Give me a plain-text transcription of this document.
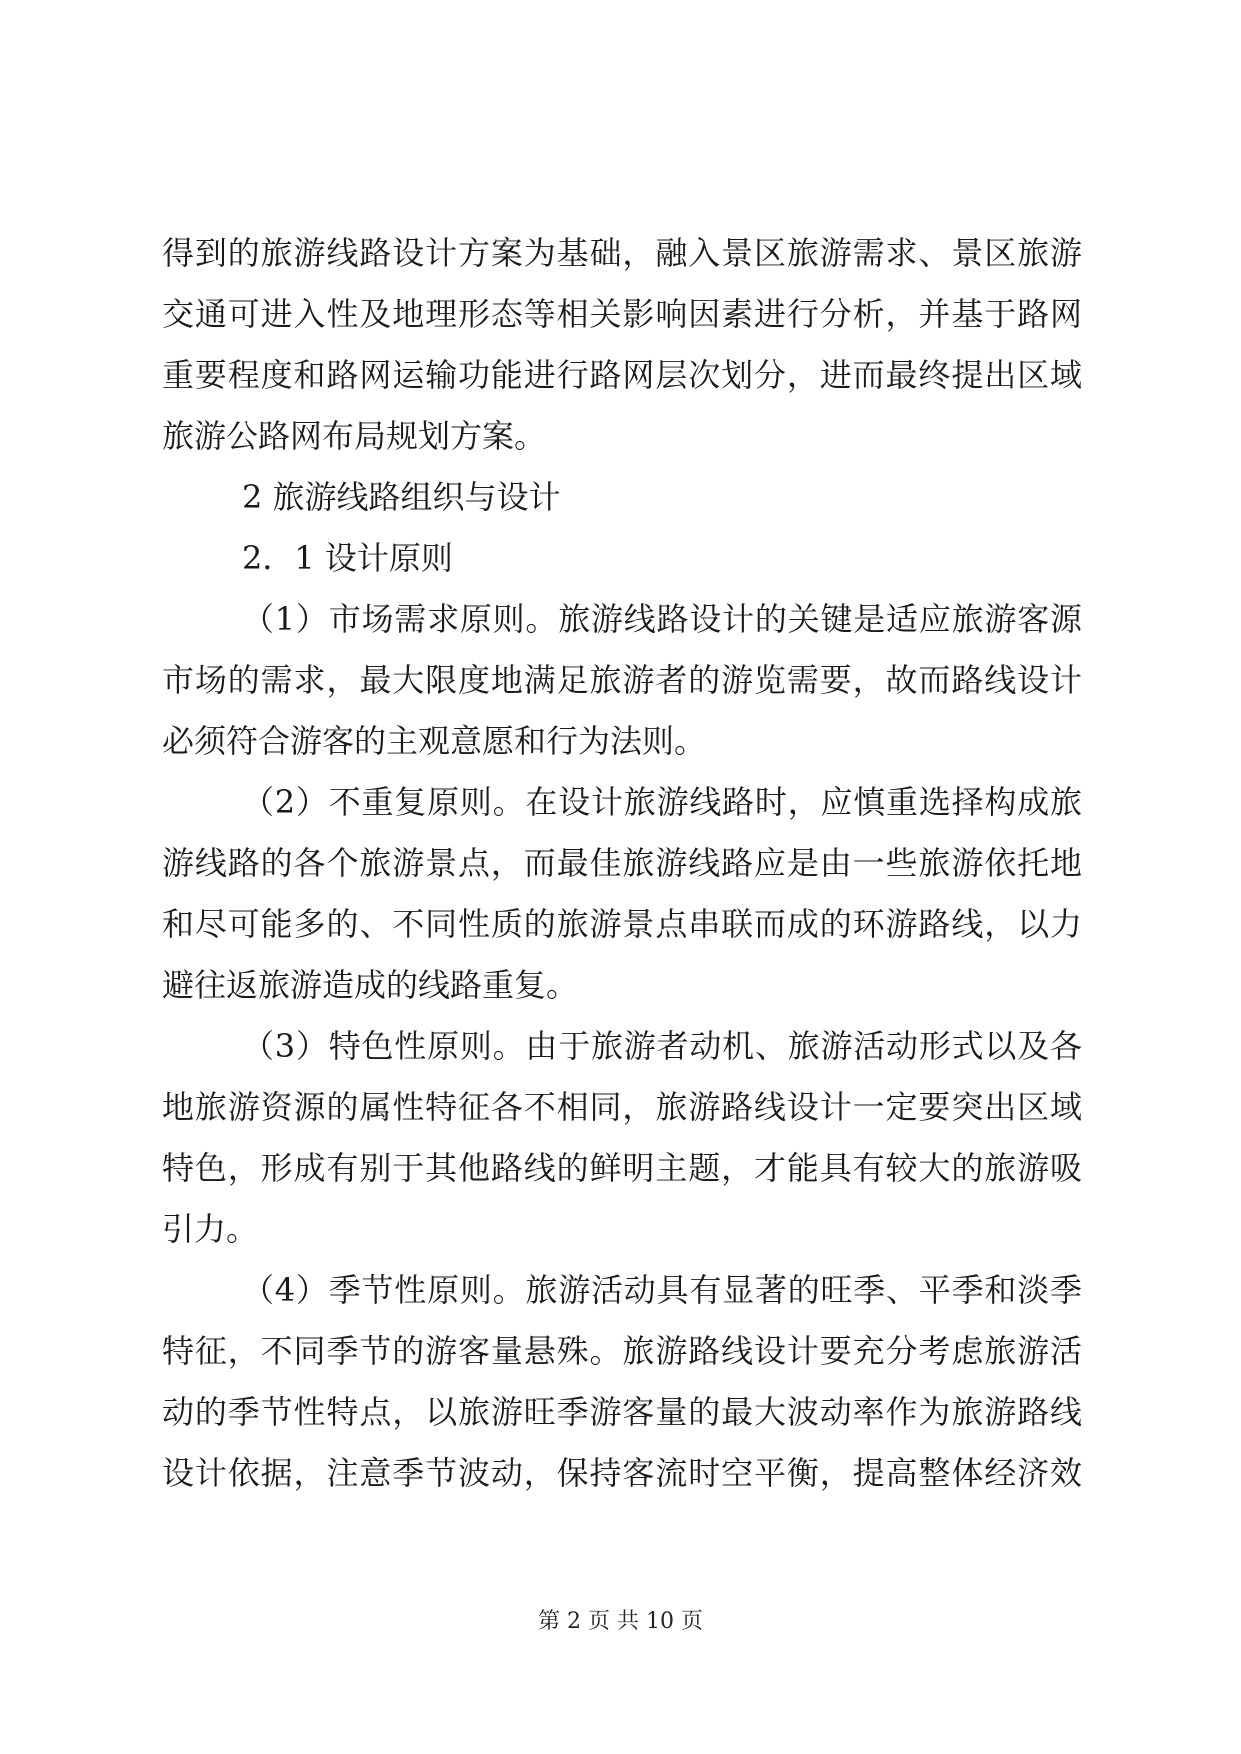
得到的旅游线路设计方案为基础，融入景区旅游需求、景区旅游
交通可进入性及地理形态等相关影响因素进行分析，并基于路网
重要程度和路网运输功能进行路网层次划分，进而最终提出区域
旅游公路网布局规划方案。
2 旅游线路组织与设计
2．1 设计原则
（1）市场需求原则。旅游线路设计的关键是适应旅游客源
市场的需求，最大限度地满足旅游者的游览需要，故而路线设计
必须符合游客的主观意愿和行为法则。
（2）不重复原则。在设计旅游线路时，应慎重选择构成旅
游线路的各个旅游景点，而最佳旅游线路应是由一些旅游依托地
和尽可能多的、不同性质的旅游景点串联而成的环游路线，以力
避往返旅游造成的线路重复。
（3）特色性原则。由于旅游者动机、旅游活动形式以及各
地旅游资源的属性特征各不相同，旅游路线设计一定要突出区域
特色，形成有别于其他路线的鲜明主题，才能具有较大的旅游吸
引力。
（4）季节性原则。旅游活动具有显著的旺季、平季和淡季
特征，不同季节的游客量悬殊。旅游路线设计要充分考虑旅游活
动的季节性特点，以旅游旺季游客量的最大波动率作为旅游路线
设计依据，注意季节波动，保持客流时空平衡，提高整体经济效
第 2 页 共 10 页
